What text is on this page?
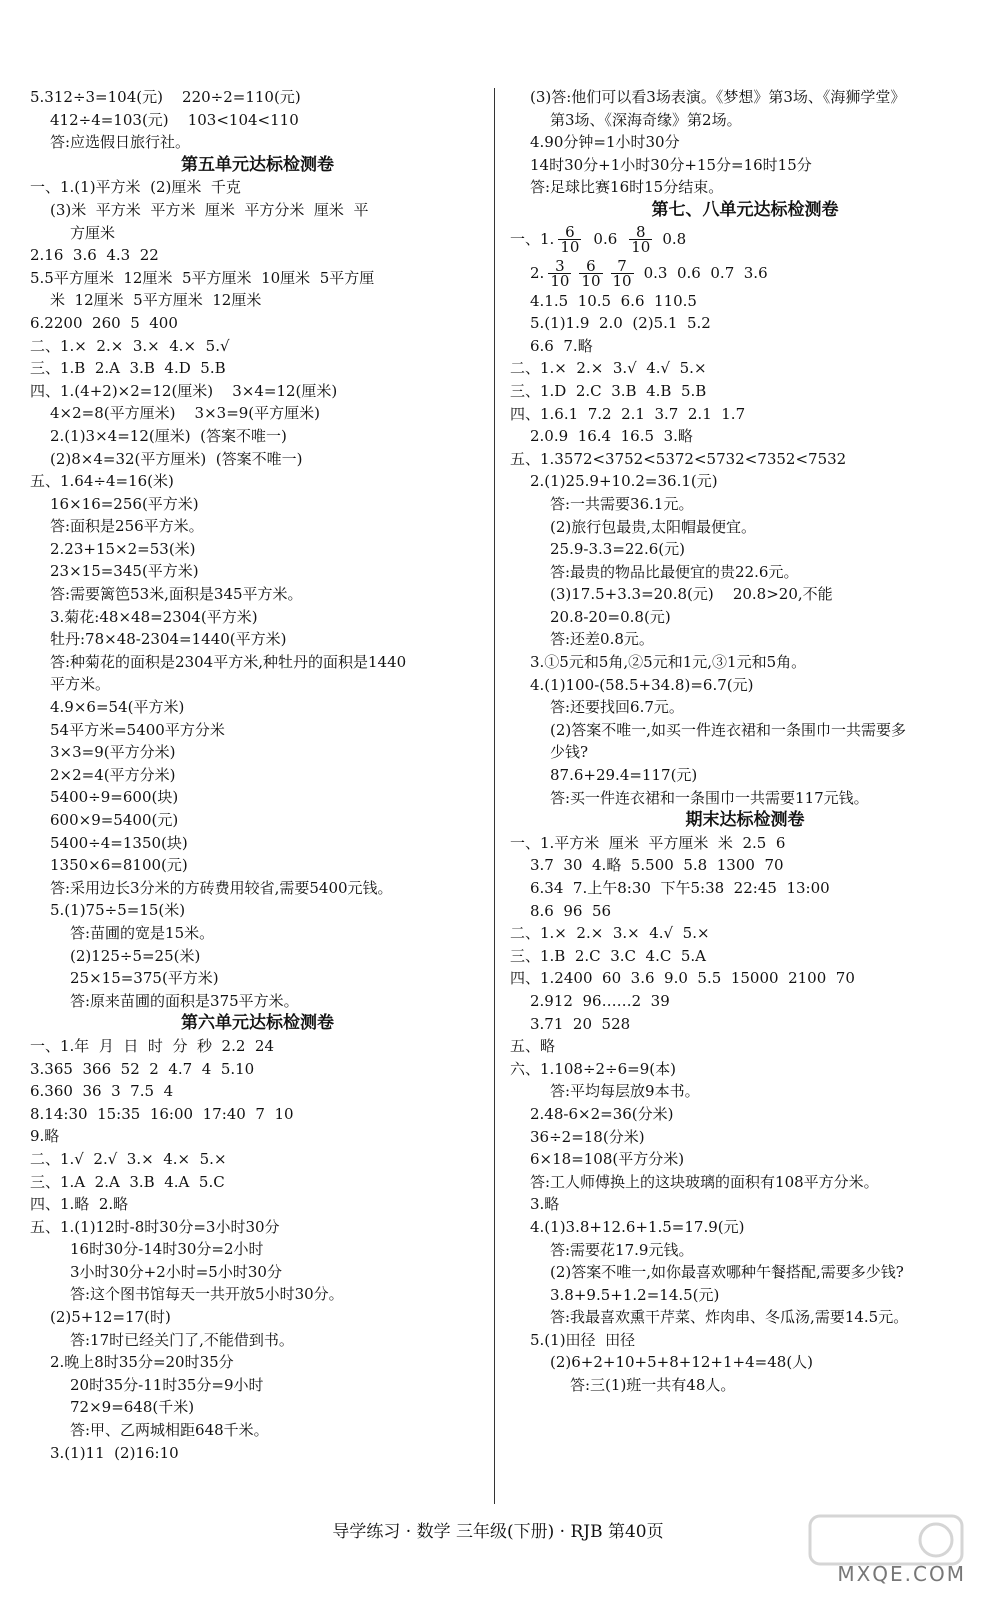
5.312÷3=104(元)    220÷2=110(元)
412÷4=103(元)    103<104<110
答:应选假日旅行社。
第五单元达标检测卷
一、1.(1)平方米  (2)厘米  千克
(3)米  平方米  平方米  厘米  平方分米  厘米  平
方厘米
2.16  3.6  4.3  22
5.5平方厘米  12厘米  5平方厘米  10厘米  5平方厘
米  12厘米  5平方厘米  12厘米
6.2200  260  5  400
二、1.×  2.×  3.×  4.×  5.√
三、1.B  2.A  3.B  4.D  5.B
四、1.(4+2)×2=12(厘米)    3×4=12(厘米)
4×2=8(平方厘米)    3×3=9(平方厘米)
2.(1)3×4=12(厘米)  (答案不唯一)
(2)8×4=32(平方厘米)  (答案不唯一)
五、1.64÷4=16(米)
16×16=256(平方米)
答:面积是256平方米。
2.23+15×2=53(米)
23×15=345(平方米)
答:需要篱笆53米,面积是345平方米。
3.菊花:48×48=2304(平方米)
牡丹:78×48-2304=1440(平方米)
答:种菊花的面积是2304平方米,种牡丹的面积是1440
平方米。
4.9×6=54(平方米)
54平方米=5400平方分米
3×3=9(平方分米)
2×2=4(平方分米)
5400÷9=600(块)
600×9=5400(元)
5400÷4=1350(块)
1350×6=8100(元)
答:采用边长3分米的方砖费用较省,需要5400元钱。
5.(1)75÷5=15(米)
答:苗圃的宽是15米。
(2)125÷5=25(米)
25×15=375(平方米)
答:原来苗圃的面积是375平方米。
第六单元达标检测卷
一、1.年  月  日  时  分  秒  2.2  24
3.365  366  52  2  4.7  4  5.10
6.360  36  3  7.5  4
8.14:30  15:35  16:00  17:40  7  10
9.略
二、1.√  2.√  3.×  4.×  5.×
三、1.A  2.A  3.B  4.A  5.C
四、1.略  2.略
五、1.(1)12时-8时30分=3小时30分
16时30分-14时30分=2小时
3小时30分+2小时=5小时30分
答:这个图书馆每天一共开放5小时30分。
(2)5+12=17(时)
答:17时已经关门了,不能借到书。
2.晚上8时35分=20时35分
20时35分-11时35分=9小时
72×9=648(千米)
答:甲、乙两城相距648千米。
3.(1)11  (2)16:10
(3)答:他们可以看3场表演。《梦想》第3场、《海狮学堂》
第3场、《深海奇缘》第2场。
4.90分钟=1小时30分
14时30分+1小时30分+15分=16时15分
答:足球比赛16时15分结束。
第七、八单元达标检测卷
一、1. $\frac{6}{10} 0.6 \frac{8}{10} 0.8$
2. $\frac{3}{10} \frac{6}{10} \frac{7}{10} 0.3$  0.6  0.7  3.6
4.1.5  10.5  6.6  110.5
5.(1)1.9  2.0  (2)5.1  5.2
6.6  7.略
二、1.×  2.×  3.√  4.√  5.×
三、1.D  2.C  3.B  4.B  5.B
四、1.6.1  7.2  2.1  3.7  2.1  1.7
2.0.9  16.4  16.5  3.略
五、1.3572<3752<5372<5732<7352<7532
2.(1)25.9+10.2=36.1(元)
答:一共需要36.1元。
(2)旅行包最贵,太阳帽最便宜。
25.9-3.3=22.6(元)
答:最贵的物品比最便宜的贵22.6元。
(3)17.5+3.3=20.8(元)    20.8>20,不能
20.8-20=0.8(元)
答:还差0.8元。
3.①5元和5角,②5元和1元,③1元和5角。
4.(1)100-(58.5+34.8)=6.7(元)
答:还要找回6.7元。
(2)答案不唯一,如买一件连衣裙和一条围巾一共需要多
少钱?
87.6+29.4=117(元)
答:买一件连衣裙和一条围巾一共需要117元钱。
期末达标检测卷
一、1.平方米  厘米  平方厘米  米  2.5  6
3.7  30  4.略  5.500  5.8  1300  70
6.34  7.上午8:30  下午5:38  22:45  13:00
8.6  96  56
二、1.×  2.×  3.×  4.√  5.×
三、1.B  2.C  3.C  4.C  5.A
四、1.2400  60  3.6  9.0  5.5  15000  2100  70
2.912  96……2  39
3.71  20  528
五、略
六、1.108÷2÷6=9(本)
答:平均每层放9本书。
2.48-6×2=36(分米)
36÷2=18(分米)
6×18=108(平方分米)
答:工人师傅换上的这块玻璃的面积有108平方分米。
3.略
4.(1)3.8+12.6+1.5=17.9(元)
答:需要花17.9元钱。
(2)答案不唯一,如你最喜欢哪种午餐搭配,需要多少钱?
3.8+9.5+1.2=14.5(元)
答:我最喜欢熏干芹菜、炸肉串、冬瓜汤,需要14.5元。
5.(1)田径  田径
(2)6+2+10+5+8+12+1+4=48(人)
答:三(1)班一共有48人。
导学练习 · 数学 三年级(下册) · RJB 第40页
MXQE.COM
